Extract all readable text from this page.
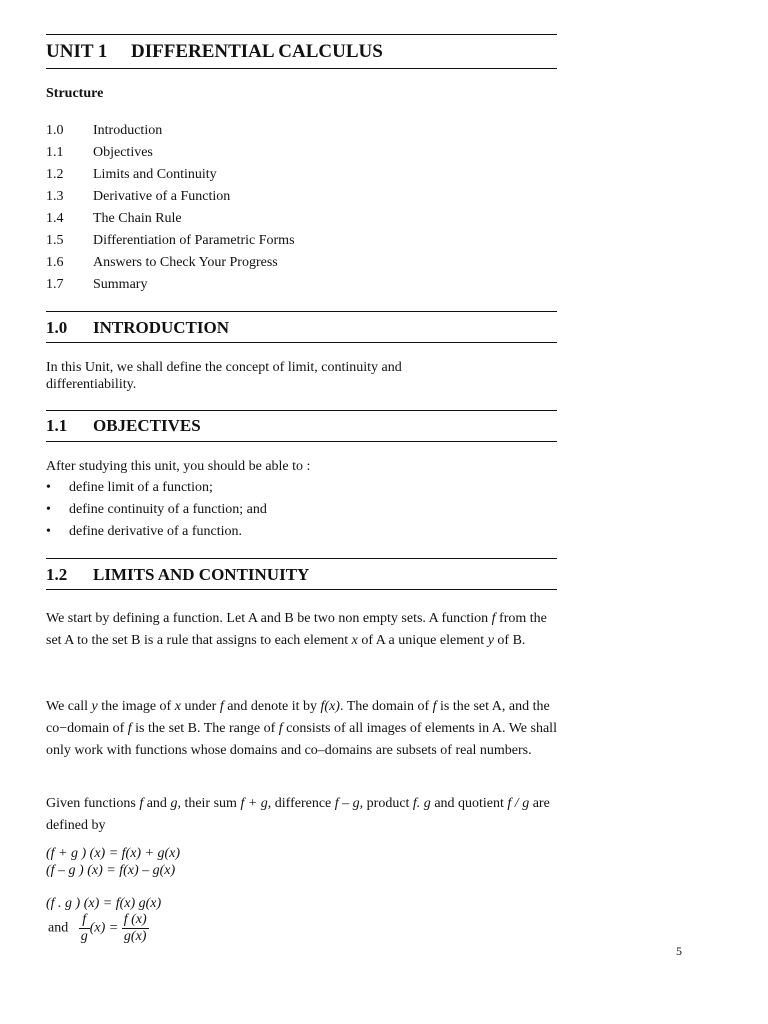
UNIT 1 DIFFERENTIAL CALCULUS
Structure
1.0 Introduction
1.1 Objectives
1.2 Limits and Continuity
1.3 Derivative of a Function
1.4 The Chain Rule
1.5 Differentiation of Parametric Forms
1.6 Answers to Check Your Progress
1.7 Summary
1.0 INTRODUCTION
In this Unit, we shall define the concept of limit, continuity and differentiability.
1.1 OBJECTIVES
After studying this unit, you should be able to :
• define limit of a function;
• define continuity of a function; and
• define derivative of a function.
1.2 LIMITS AND CONTINUITY
We start by defining a function. Let A and B be two non empty sets. A function f from the set A to the set B is a rule that assigns to each element x of A a unique element y of B.
We call y the image of x under f and denote it by f(x). The domain of f is the set A, and the co−domain of f is the set B. The range of f consists of all images of elements in A. We shall only work with functions whose domains and co–domains are subsets of real numbers.
Given functions f and g, their sum f + g, difference f – g, product f. g and quotient f / g are defined by
(f + g ) (x) = f(x) + g(x)
(f – g ) (x) = f(x) – g(x)
(f . g ) (x) = f(x) g(x)
and $\frac{f}{g} (x) = \frac{f (x)}{g(x)}$
5
